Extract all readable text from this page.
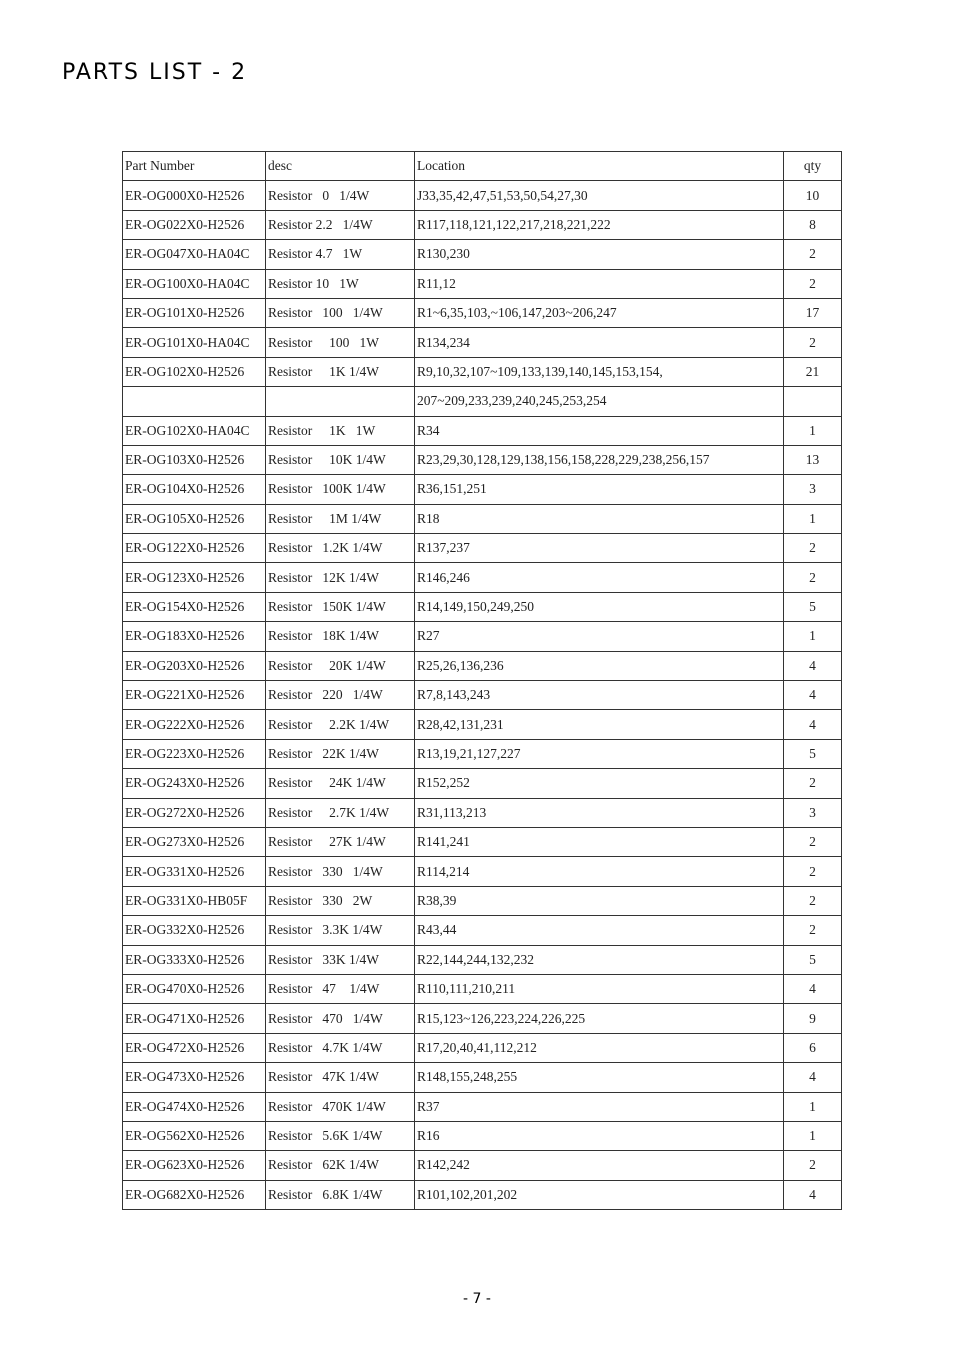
PARTS LIST - 2
Part Number	desc	Location	qty
ER-OG000X0-H2526	Resistor   0   1/4W	J33,35,42,47,51,53,50,54,27,30	10
ER-OG022X0-H2526	Resistor 2.2   1/4W	R117,118,121,122,217,218,221,222	8
ER-OG047X0-HA04C	Resistor 4.7   1W	R130,230	2
ER-OG100X0-HA04C	Resistor 10   1W	R11,12	2
ER-OG101X0-H2526	Resistor   100   1/4W	R1~6,35,103,~106,147,203~206,247	17
ER-OG101X0-HA04C	Resistor     100   1W	R134,234	2
ER-OG102X0-H2526	Resistor     1K 1/4W	R9,10,32,107~109,133,139,140,145,153,154,	21
		207~209,233,239,240,245,253,254	
ER-OG102X0-HA04C	Resistor     1K   1W	R34	1
ER-OG103X0-H2526	Resistor     10K 1/4W	R23,29,30,128,129,138,156,158,228,229,238,256,157	13
ER-OG104X0-H2526	Resistor   100K 1/4W	R36,151,251	3
ER-OG105X0-H2526	Resistor     1M 1/4W	R18	1
ER-OG122X0-H2526	Resistor   1.2K 1/4W	R137,237	2
ER-OG123X0-H2526	Resistor   12K 1/4W	R146,246	2
ER-OG154X0-H2526	Resistor   150K 1/4W	R14,149,150,249,250	5
ER-OG183X0-H2526	Resistor   18K 1/4W	R27	1
ER-OG203X0-H2526	Resistor     20K 1/4W	R25,26,136,236	4
ER-OG221X0-H2526	Resistor   220   1/4W	R7,8,143,243	4
ER-OG222X0-H2526	Resistor     2.2K 1/4W	R28,42,131,231	4
ER-OG223X0-H2526	Resistor   22K 1/4W	R13,19,21,127,227	5
ER-OG243X0-H2526	Resistor     24K 1/4W	R152,252	2
ER-OG272X0-H2526	Resistor     2.7K 1/4W	R31,113,213	3
ER-OG273X0-H2526	Resistor     27K 1/4W	R141,241	2
ER-OG331X0-H2526	Resistor   330   1/4W	R114,214	2
ER-OG331X0-HB05F	Resistor   330   2W	R38,39	2
ER-OG332X0-H2526	Resistor   3.3K 1/4W	R43,44	2
ER-OG333X0-H2526	Resistor   33K 1/4W	R22,144,244,132,232	5
ER-OG470X0-H2526	Resistor   47    1/4W	R110,111,210,211	4
ER-OG471X0-H2526	Resistor   470   1/4W	R15,123~126,223,224,226,225	9
ER-OG472X0-H2526	Resistor   4.7K 1/4W	R17,20,40,41,112,212	6
ER-OG473X0-H2526	Resistor   47K 1/4W	R148,155,248,255	4
ER-OG474X0-H2526	Resistor   470K 1/4W	R37	1
ER-OG562X0-H2526	Resistor   5.6K 1/4W	R16	1
ER-OG623X0-H2526	Resistor   62K 1/4W	R142,242	2
ER-OG682X0-H2526	Resistor   6.8K 1/4W	R101,102,201,202	4
- 7 -
